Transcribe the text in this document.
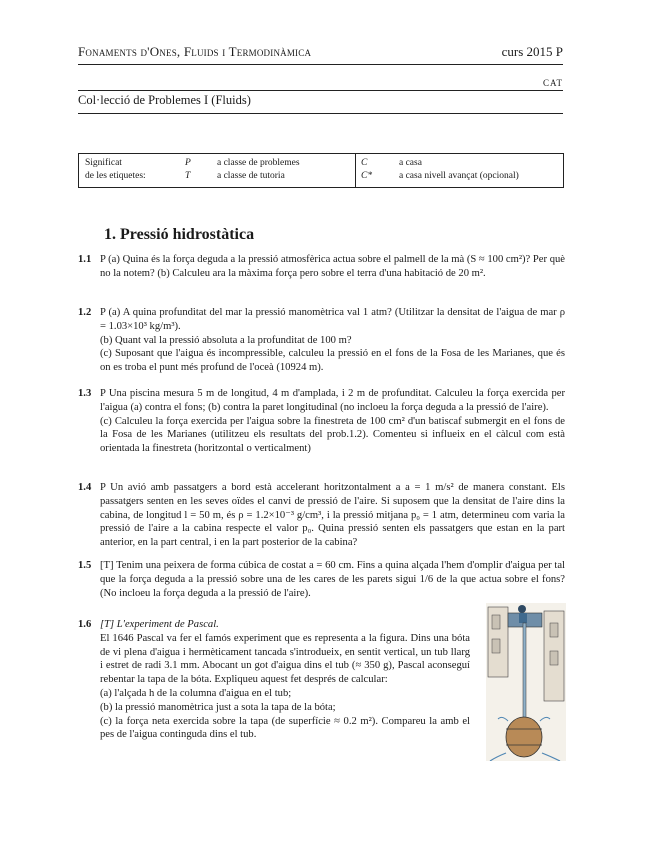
Fonaments d'Ones, Fluids i Termodinàmica	curs 2015 P
CAT
Col·lecció de Problemes I (Fluids)
Significat
de les etiquetes:
P
T
a classe de problemes
a classe de tutoria
C
C*
a casa
a casa nivell avançat (opcional)
1. Pressió hidrostàtica
1.1 P (a) Quina és la força deguda a la pressió atmosfèrica actua sobre el palmell de la mà (S ≈ 100 cm²)? Per què no la notem? (b) Calculeu ara la màxima força pero sobre el terra d'una habitació de 20 m².

1.2 P (a) A quina profunditat del mar la pressió manomètrica val 1 atm? (Utilitzar la densitat de l'aigua de mar ρ = 1.03×10³ kg/m³).

(b) Quant val la pressió absoluta a la profunditat de 100 m?

(c) Suposant que l'aigua és incompressible, calculeu la pressió en el fons de la Fosa de les Marianes, que és on es troba el punt més profund de l'oceà (10924 m).

1.3 P Una piscina mesura 5 m de longitud, 4 m d'amplada, i 2 m de profunditat. Calculeu la força exercida per l'aigua (a) contra el fons; (b) contra la paret longitudinal (no incloeu la força deguda a la pressió de l'aire).

(c) Calculeu la força exercida per l'aigua sobre la finestreta de 100 cm² d'un batiscaf submergit en el fons de la Fosa de les Marianes (utilitzeu els resultats del prob.1.2). Comenteu si influeix en el càlcul com està orientada la finestreta (horitzontal o verticalment)

1.4 P Un avió amb passatgers a bord està accelerant horitzontalment a a = 1 m/s² de manera constant. Els passatgers senten en les seves oïdes el canvi de pressió de l'aire. Si suposem que la densitat de l'aire dins la cabina, de longitud l = 50 m, és ρ = 1.2×10⁻³ g/cm³, i la pressió mitjana p₀ = 1 atm, determineu com varia la pressió de l'aire a la cabina respecte el valor p₀. Quina pressió senten els passatgers que estan en la part anterior, en la part central, i en la part posterior de la cabina?

1.5 [T] Tenim una peixera de forma cúbica de costat a = 60 cm. Fins a quina alçada l'hem d'omplir d'aigua per tal que la força deguda a la pressió sobre una de les cares de les parets sigui 1/6 de la que actua sobre el fons? (No incloeu la força deguda a la pressió de l'aire).

1.6 [T] L'experiment de Pascal.

El 1646 Pascal va fer el famós experiment que es representa a la figura. Dins una bóta de vi plena d'aigua i hermèticament tancada s'introdueix, en sentit vertical, un tub llarg i estret de radi 3.1 mm. Abocant un got d'aigua dins el tub (≈ 350 g), Pascal aconseguí rebentar la tapa de la bóta. Expliqueu aquest fet després de calcular:

(a) l'alçada h de la columna d'aigua en el tub;

(b) la pressió manomètrica just a sota la tapa de la bóta;

(c) la força neta exercida sobre la tapa (de superfície ≈ 0.2 m²). Compareu la amb el pes de l'aigua continguda dins el tub.
